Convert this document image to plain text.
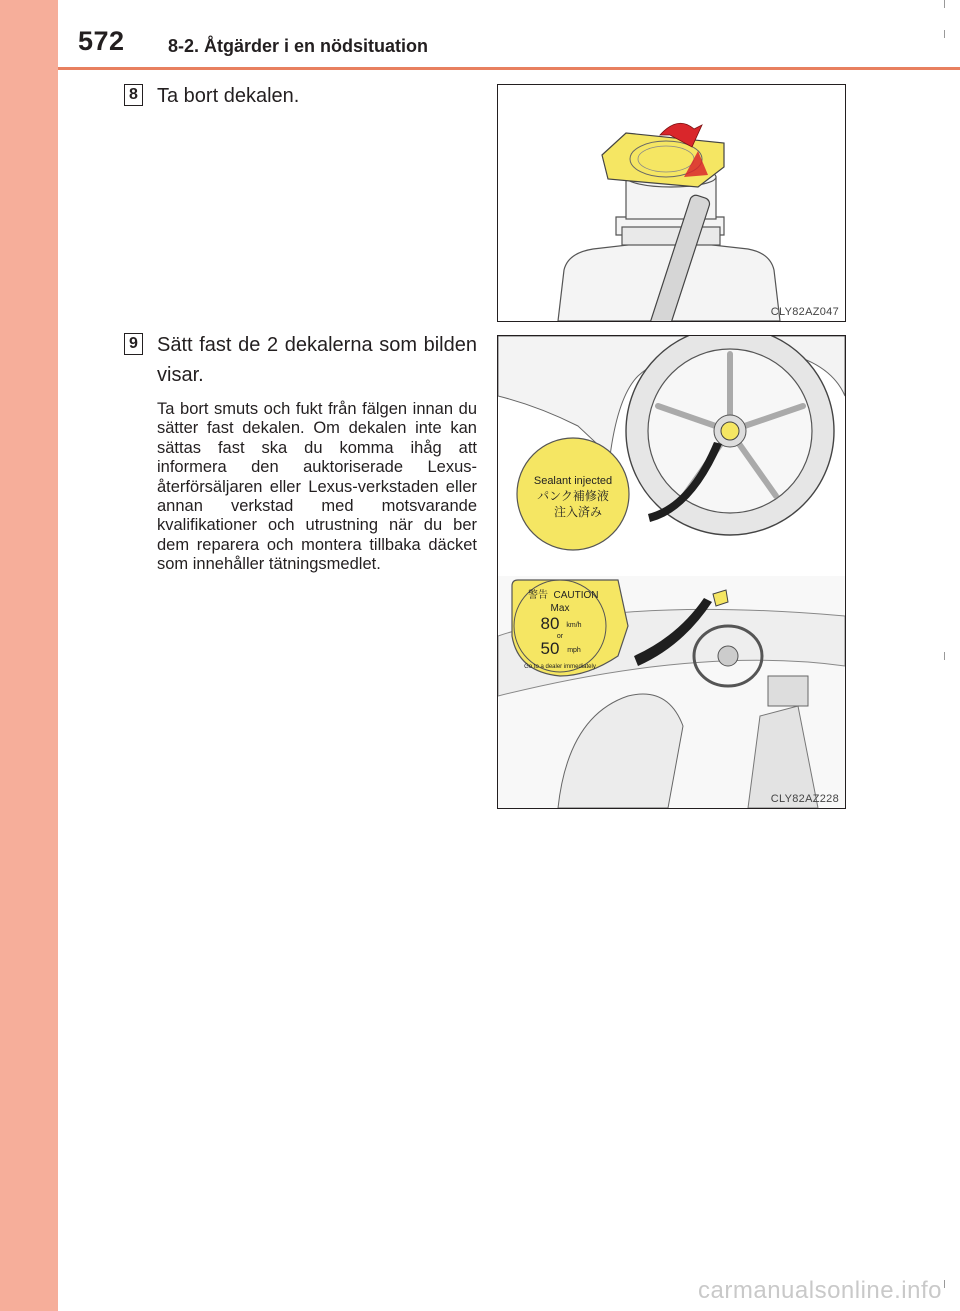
572 8-2. Åtgärder i en nödsituation
8 Ta bort dekalen.
CLY82AZ047
9 Sätt fast de 2 dekalerna som bilden visar.
Ta bort smuts och fukt från fälgen innan du sätter fast dekalen. Om dekalen inte kan sättas fast ska du komma ihåg att informera den auktoriserade Lexus-återförsäljaren eller Lexus-verkstaden eller annan verkstad med motsvarande kvalifikationer och utrustning när du ber dem reparera och montera tillbaka däcket som innehåller tätningsmedlet.
Sealant injected
パンク補修液
注入済み
CAUTION
警告
Max
80 km/h
or
50 mph
Go to a dealer immediately
CLY82AZ228
carmanualsonline.info
